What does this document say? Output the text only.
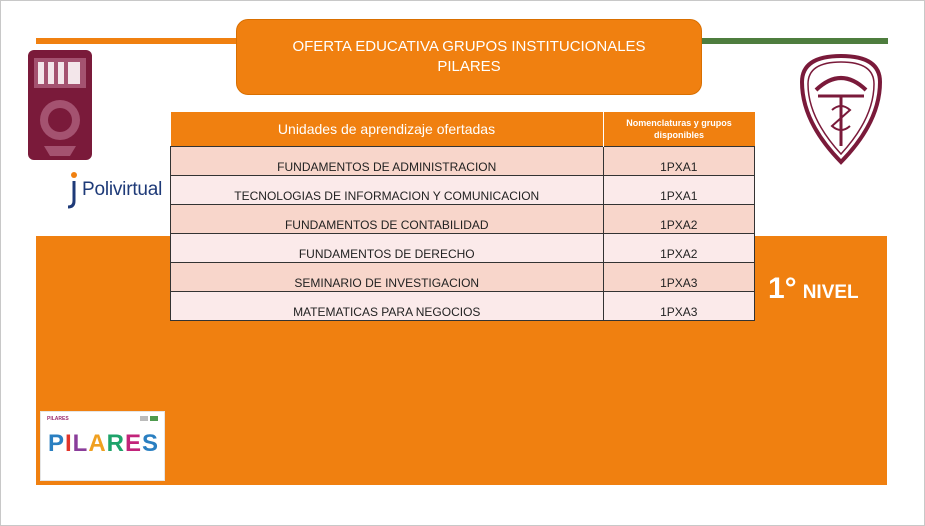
OFERTA EDUCATIVA GRUPOS INSTITUCIONALES
PILARES
Polivirtual
Unidades de aprendizaje ofertadas	Nomenclaturas y grupos disponibles
FUNDAMENTOS DE ADMINISTRACION	1PXA1
TECNOLOGIAS DE INFORMACION Y COMUNICACION	1PXA1
FUNDAMENTOS DE CONTABILIDAD	1PXA2
FUNDAMENTOS DE DERECHO	1PXA2
SEMINARIO DE INVESTIGACION	1PXA3
MATEMATICAS PARA NEGOCIOS	1PXA3
1° NIVEL
PILARES
PILARES
